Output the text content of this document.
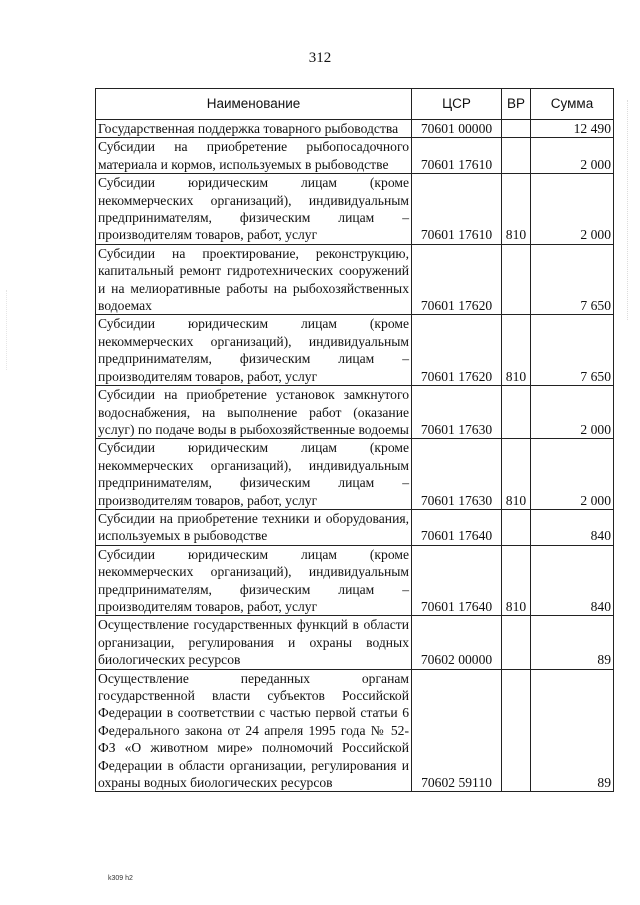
312
Наименование	ЦСР	ВР	Сумма
Государственная поддержка товарного рыбоводства	70601 00000		12 490
Субсидии на приобретение рыбопосадочного материала и кормов, используемых в рыбоводстве	70601 17610		2 000
Субсидии юридическим лицам (кроме некоммерческих организаций), индивидуальным предпринимателям, физическим лицам – производителям товаров, работ, услуг	70601 17610	810	2 000
Субсидии на проектирование, реконструкцию, капитальный ремонт гидротехнических сооружений и на мелиоративные работы на рыбохозяйственных водоемах	70601 17620		7 650
Субсидии юридическим лицам (кроме некоммерческих организаций), индивидуальным предпринимателям, физическим лицам – производителям товаров, работ, услуг	70601 17620	810	7 650
Субсидии на приобретение установок замкнутого водоснабжения, на выполнение работ (оказание услуг) по подаче воды в рыбохозяйственные водоемы	70601 17630		2 000
Субсидии юридическим лицам (кроме некоммерческих организаций), индивидуальным предпринимателям, физическим лицам – производителям товаров, работ, услуг	70601 17630	810	2 000
Субсидии на приобретение техники и оборудования, используемых в рыбоводстве	70601 17640		840
Субсидии юридическим лицам (кроме некоммерческих организаций), индивидуальным предпринимателям, физическим лицам – производителям товаров, работ, услуг	70601 17640	810	840
Осуществление государственных функций в области организации, регулирования и охраны водных биологических ресурсов	70602 00000		89
Осуществление переданных органам государственной власти субъектов Российской Федерации в соответствии с частью первой статьи 6 Федерального закона от 24 апреля 1995 года № 52-ФЗ «О животном мире» полномочий Российской Федерации в области организации, регулирования и охраны водных биологических ресурсов	70602 59110		89
k309 h2
